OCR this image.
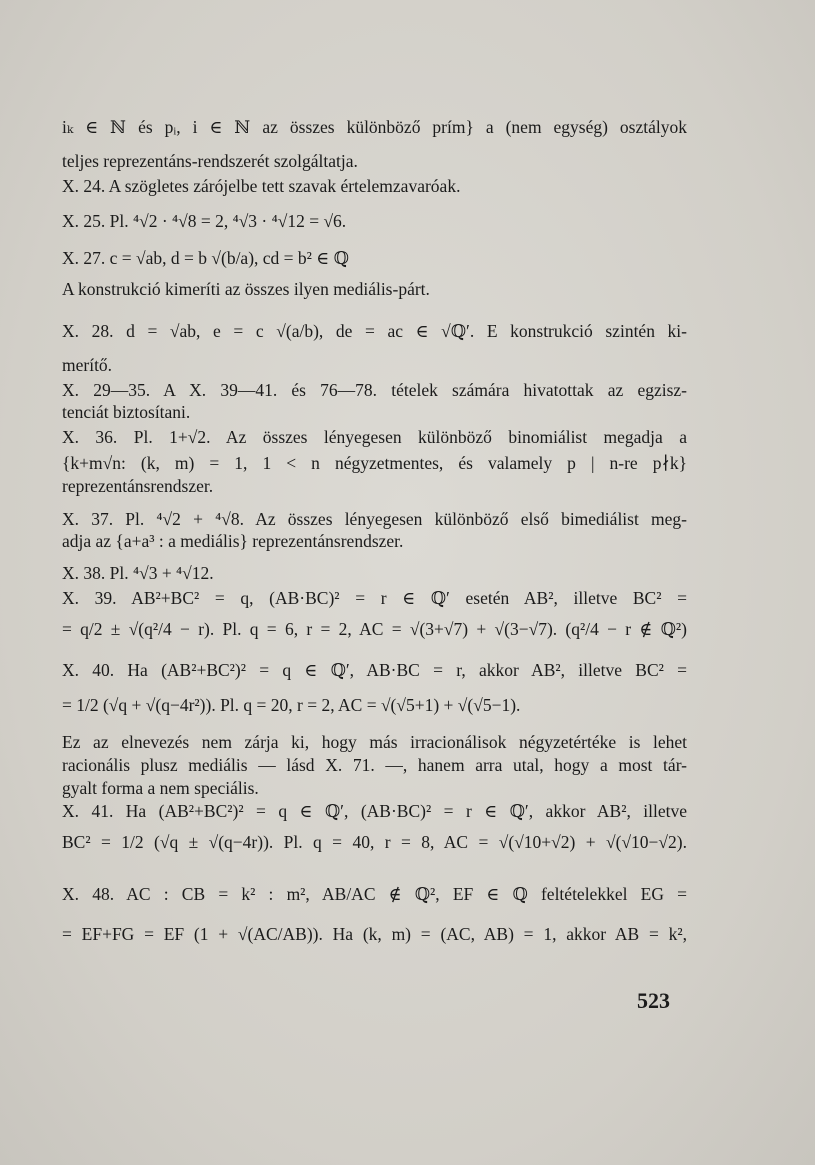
iₖ ∈ ℕ és pᵢ, i ∈ ℕ az összes különböző prím} a (nem egység) osztályok
teljes reprezentáns-rendszerét szolgáltatja.
X. 24. A szögletes zárójelbe tett szavak értelemzavaróak.
X. 25. Pl. ⁴√2 · ⁴√8 = 2, ⁴√3 · ⁴√12 = √6.
X. 27. c = √ab, d = b √(b/a), cd = b² ∈ ℚ
A konstrukció kimeríti az összes ilyen mediális-párt.
X. 28. d = √ab, e = c √(a/b), de = ac ∈ √ℚ′. E konstrukció szintén ki-
merítő.
X. 29—35. A X. 39—41. és 76—78. tételek számára hivatottak az egzisz-
tenciát biztosítani.
X. 36. Pl. 1+√2. Az összes lényegesen különböző binomiálist megadja a
{k+m√n: (k, m) = 1, 1 < n négyzetmentes, és valamely p | n-re p∤k}
reprezentánsrendszer.
X. 37. Pl. ⁴√2 + ⁴√8. Az összes lényegesen különböző első bimediálist meg-
adja az {a+a³ : a mediális} reprezentánsrendszer.
X. 38. Pl. ⁴√3 + ⁴√12.
X. 39. AB²+BC² = q, (AB·BC)² = r ∈ ℚ′ esetén AB², illetve BC² =
= q/2 ± √(q²/4 − r). Pl. q = 6, r = 2, AC = √(3+√7) + √(3−√7). (q²/4 − r ∉ ℚ²)
X. 40. Ha (AB²+BC²)² = q ∈ ℚ′, AB·BC = r, akkor AB², illetve BC² =
= 1/2 (√q + √(q−4r²)). Pl. q = 20, r = 2, AC = √(√5+1) + √(√5−1).
Ez az elnevezés nem zárja ki, hogy más irracionálisok négyzetértéke is lehet
racionális plusz mediális — lásd X. 71. —, hanem arra utal, hogy a most tár-
gyalt forma a nem speciális.
X. 41. Ha (AB²+BC²)² = q ∈ ℚ′, (AB·BC)² = r ∈ ℚ′, akkor AB², illetve
BC² = 1/2 (√q ± √(q−4r)). Pl. q = 40, r = 8, AC = √(√10+√2) + √(√10−√2).
X. 48. AC : CB = k² : m², AB/AC ∉ ℚ², EF ∈ ℚ feltételekkel EG =
= EF+FG = EF (1 + √(AC/AB)). Ha (k, m) = (AC, AB) = 1, akkor AB = k²,
523
